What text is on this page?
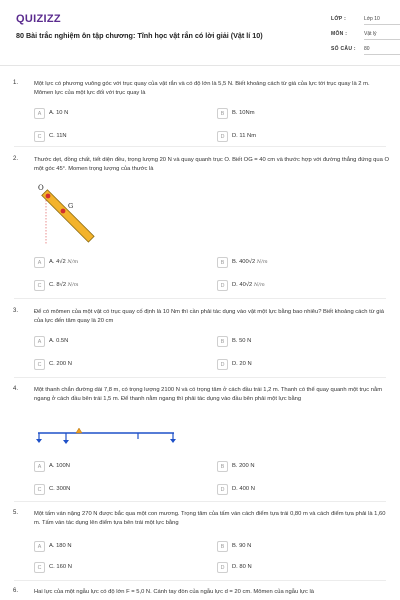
QUIZIZZ
80 Bài trắc nghiệm ôn tập chương: Tĩnh học vật rắn có lời giải (Vật lí 10)
LỚP :	Lớp 10
MÔN :	Vật lý
SỐ CÂU :	80
1.	Một lực có phương vuông góc với trục quay của vật rắn và có độ lớn là 5,5 N. Biết khoảng cách từ giá của lực tới trục quay là 2 m. Mômen lực của một lực đối với trục quay là
A	A. 10 N	B	B. 10Nm
C	C. 11N	D	D. 11 Nm
2.	Thước dẹt, đồng chất, tiết diện đều, trọng lượng 20 N và quay quanh trục O. Biết OG = 40 cm và thước hợp với đường thẳng đứng qua O một góc 45°. Momen trọng lượng của thước là
O
G
A	A. 4√2 N/m	B	B. 400√2 N/m
C	C. 8√2 N/m	D	D. 40√2 N/m
3.	Để có mômen của một vật có trục quay cố định là 10 Nm thì cần phải tác dụng vào vật một lực bằng bao nhiêu? Biết khoảng cách từ giá của lực đến tâm quay là 20 cm
A	A. 0.5N	B	B. 50 N
C	C. 200 N	D	D. 20 N
4.	Một thanh chắn đường dài 7,8 m, có trọng lượng 2100 N và có trọng tâm ở cách đầu trái 1,2 m. Thanh có thể quay quanh một trục nằm ngang ở cách đầu bên trái 1,5 m. Để thanh nằm ngang thì phải tác dụng vào đầu bên phải một lực bằng
A	A. 100N	B	B. 200 N
C	C. 300N	D	D. 400 N
5.	Một tấm ván nặng 270 N được bắc qua một con mương. Trọng tâm của tấm ván cách điểm tựa trái 0,80 m và cách điểm tựa phải là 1,60 m. Tấm ván tác dụng lên điểm tựa bên trái một lực bằng
A	A. 180 N	B	B. 90 N
C	C. 160 N	D	D. 80 N
6.	Hai lực của một ngẫu lực có độ lớn F = 5,0 N. Cánh tay đòn của ngẫu lực d = 20 cm. Mômen của ngẫu lực là
